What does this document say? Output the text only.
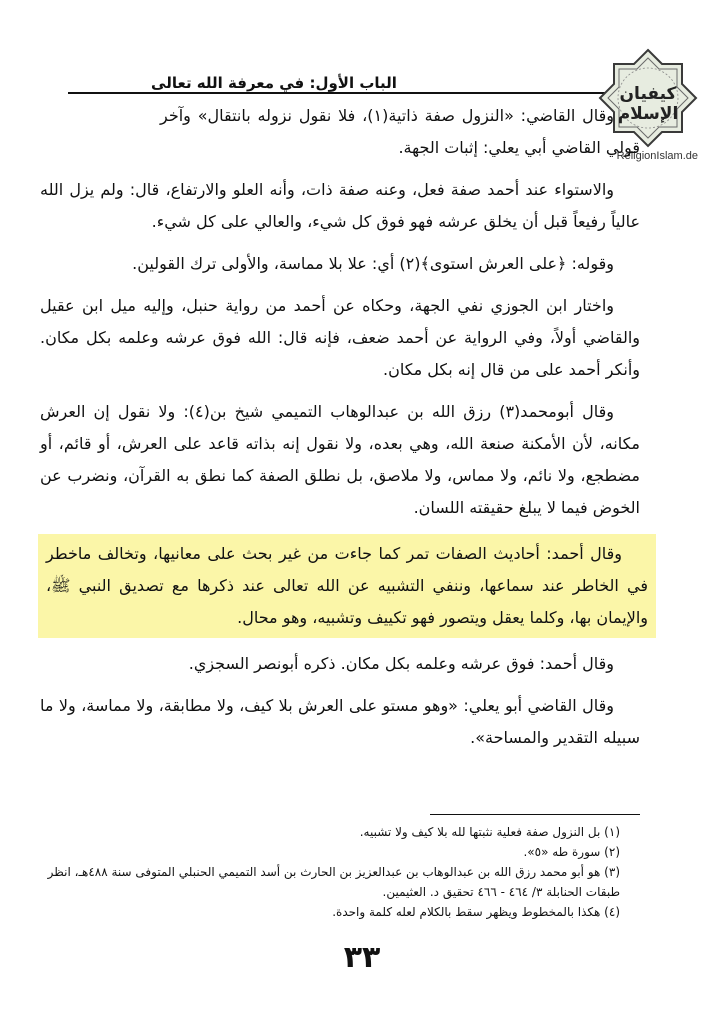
الباب الأول: في معرفة الله تعالى
كيفيان الإسلام
ReligionIslam.de

وقال القاضي: «النزول صفة ذاتية(١)، فلا نقول نزوله بانتقال» وآخر قولي القاضي أبي يعلي: إثبات الجهة.

والاستواء عند أحمد صفة فعل، وعنه صفة ذات، وأنه العلو والارتفاع، قال: ولم يزل الله عالياً رفيعاً قبل أن يخلق عرشه فهو فوق كل شيء، والعالي على كل شيء.

وقوله: ﴿على العرش استوى﴾(٢) أي: علا بلا مماسة، والأولى ترك القولين.

واختار ابن الجوزي نفي الجهة، وحكاه عن أحمد من رواية حنبل، وإليه ميل ابن عقيل والقاضي أولاً، وفي الرواية عن أحمد ضعف، فإنه قال: الله فوق عرشه وعلمه بكل مكان. وأنكر أحمد على من قال إنه بكل مكان.

وقال أبومحمد(٣) رزق الله بن عبدالوهاب التميمي شيخ بن(٤): ولا نقول إن العرش مكانه، لأن الأمكنة صنعة الله، وهي بعده، ولا نقول إنه بذاته قاعد على العرش، أو قائم، أو مضطجع، ولا نائم، ولا مماس، ولا ملاصق، بل نطلق الصفة كما نطق به القرآن، ونضرب عن الخوض فيما لا يبلغ حقيقته اللسان.

وقال أحمد: أحاديث الصفات تمر كما جاءت من غير بحث على معانيها، وتخالف ماخطر في الخاطر عند سماعها، وننفي التشبيه عن الله تعالى عند ذكرها مع تصديق النبي ﷺ، والإيمان بها، وكلما يعقل ويتصور فهو تكييف وتشبيه، وهو محال.

وقال أحمد: فوق عرشه وعلمه بكل مكان. ذكره أبونصر السجزي.

وقال القاضي أبو يعلي: «وهو مستو على العرش بلا كيف، ولا مطابقة، ولا مماسة، ولا ما سبيله التقدير والمساحة».

(١) بل النزول صفة فعلية نثبتها لله بلا كيف ولا تشبيه.

(٢) سورة طه «٥».

(٣) هو أبو محمد رزق الله بن عبدالوهاب بن عبدالعزيز بن الحارث بن أسد التميمي الحنبلي المتوفى سنة ٤٨٨هـ، انظر طبقات الحنابلة ٣/ ٤٦٤ - ٤٦٦ تحقيق د. العثيمين.

(٤) هكذا بالمخطوط ويظهر سقط بالكلام لعله كلمة واحدة.

٣٣
